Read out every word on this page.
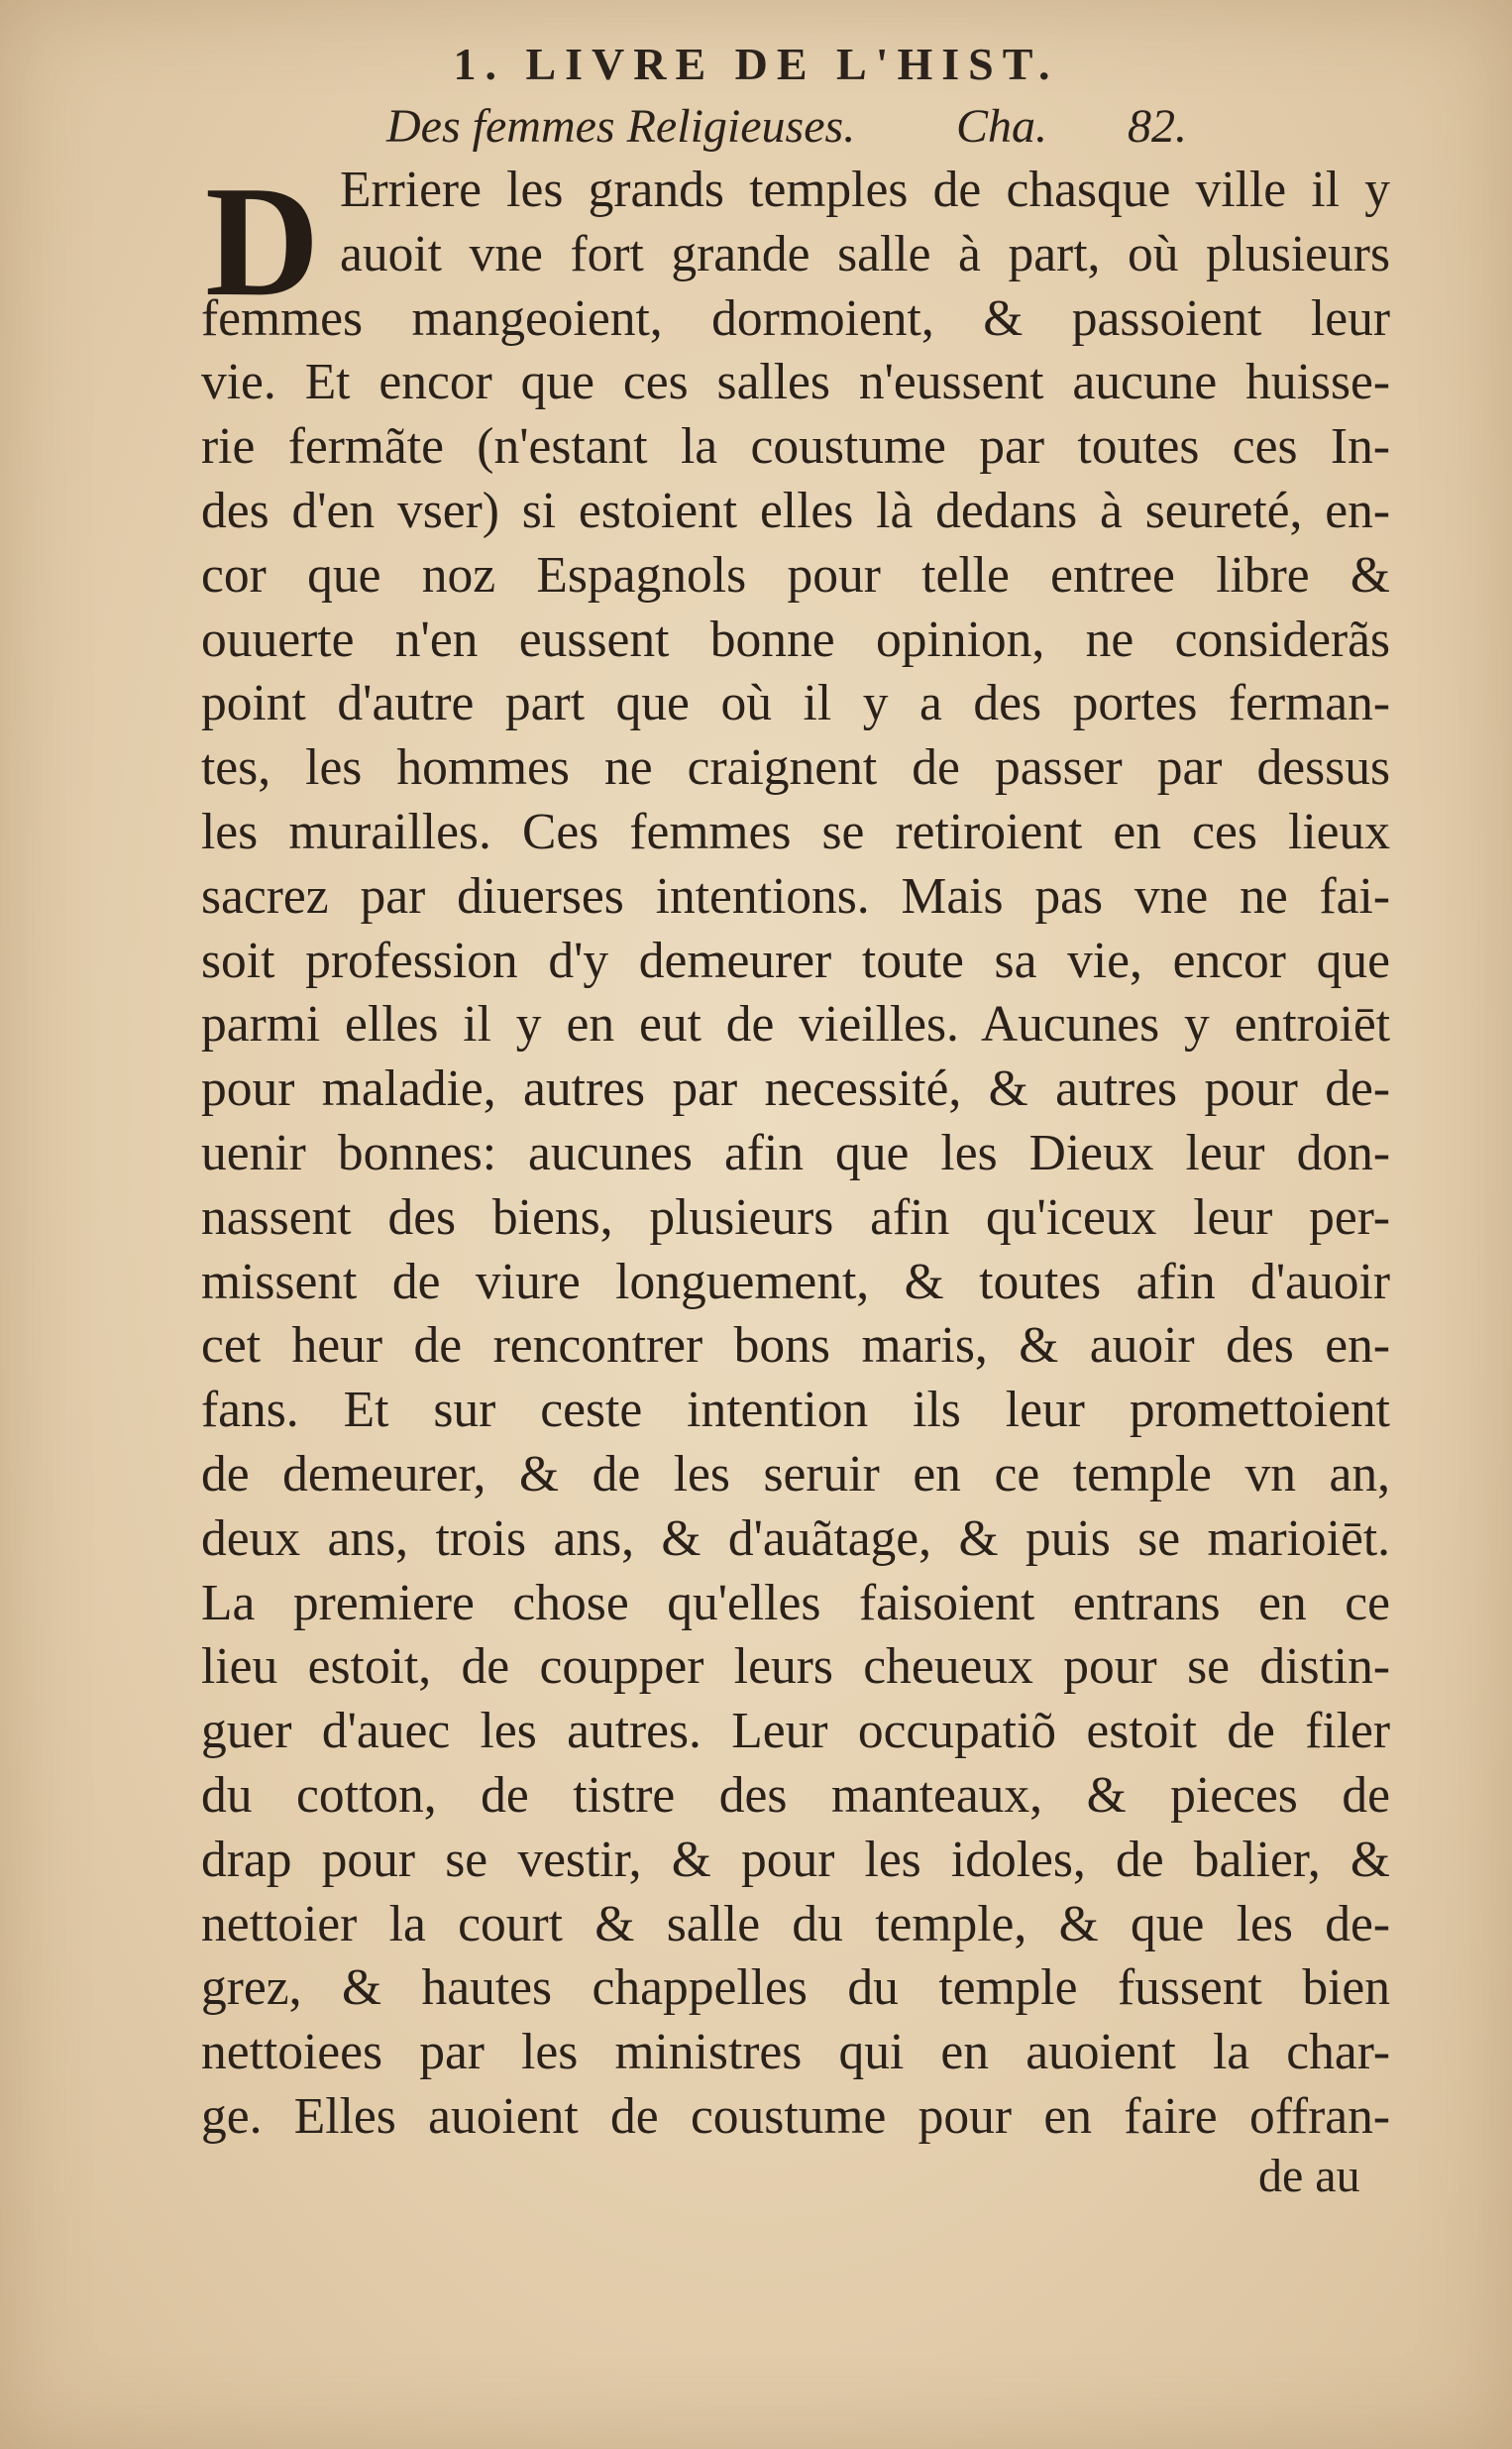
1. LIVRE DE L'HIST.
Des femmes Religieuses. Cha. 82.
D Erriere les grands temples de chasque ville il y
auoit vne fort grande salle à part, où plusieurs
femmes mangeoient, dormoient, & passoient leur
vie. Et encor que ces salles n'eussent aucune huisse-
rie fermãte (n'estant la coustume par toutes ces In-
des d'en vser) si estoient elles là dedans à seureté, en-
cor que noz Espagnols pour telle entree libre &
ouuerte n'en eussent bonne opinion, ne considerãs
point d'autre part que où il y a des portes ferman-
tes, les hommes ne craignent de passer par dessus
les murailles. Ces femmes se retiroient en ces lieux
sacrez par diuerses intentions. Mais pas vne ne fai-
soit profession d'y demeurer toute sa vie, encor que
parmi elles il y en eut de vieilles. Aucunes y entroiēt
pour maladie, autres par necessité, & autres pour de-
uenir bonnes: aucunes afin que les Dieux leur don-
nassent des biens, plusieurs afin qu'iceux leur per-
missent de viure longuement, & toutes afin d'auoir
cet heur de rencontrer bons maris, & auoir des en-
fans. Et sur ceste intention ils leur promettoient
de demeurer, & de les seruir en ce temple vn an,
deux ans, trois ans, & d'auãtage, & puis se marioiēt.
La premiere chose qu'elles faisoient entrans en ce
lieu estoit, de coupper leurs cheueux pour se distin-
guer d'auec les autres. Leur occupatiõ estoit de filer
du cotton, de tistre des manteaux, & pieces de
drap pour se vestir, & pour les idoles, de balier, &
nettoier la court & salle du temple, & que les de-
grez, & hautes chappelles du temple fussent bien
nettoiees par les ministres qui en auoient la char-
ge. Elles auoient de coustume pour en faire offran-
de au
